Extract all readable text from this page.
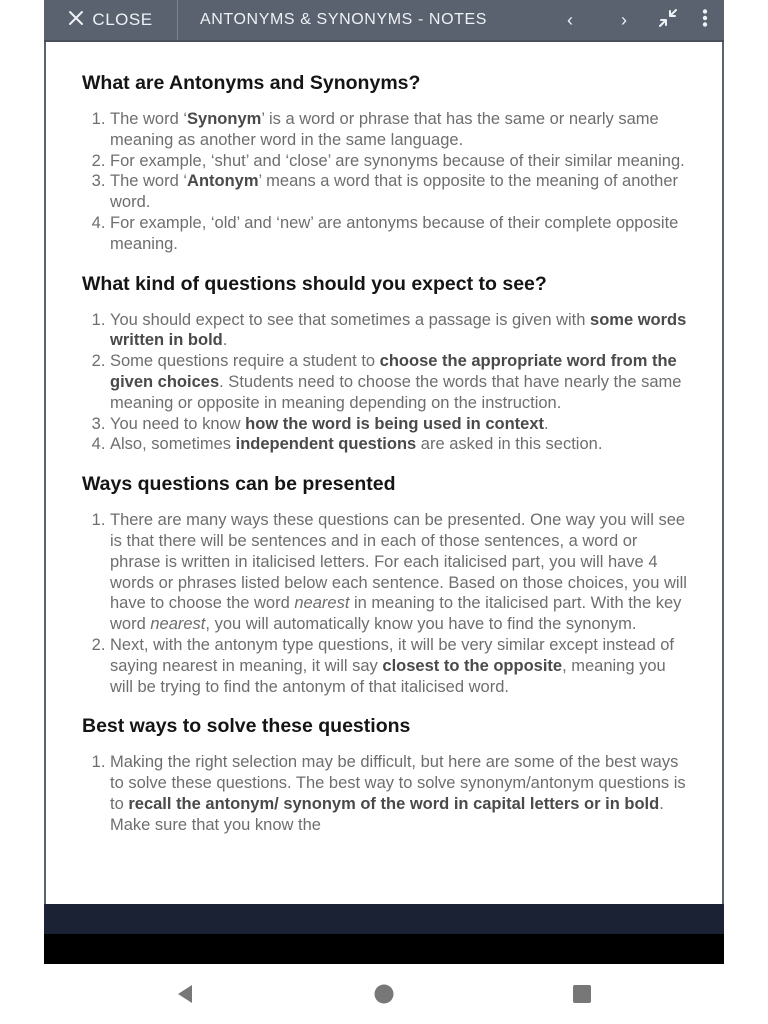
CLOSE	ANTONYMS & SYNONYMS - NOTES	‹	›
What are Antonyms and Synonyms?
1. The word ‘Synonym’ is a word or phrase that has the same or nearly same meaning as another word in the same language.
2. For example, ‘shut’ and ‘close’ are synonyms because of their similar meaning.
3. The word ‘Antonym’ means a word that is opposite to the meaning of another word.
4. For example, ‘old’ and ‘new’ are antonyms because of their complete opposite meaning.
What kind of questions should you expect to see?
1. You should expect to see that sometimes a passage is given with some words written in bold.
2. Some questions require a student to choose the appropriate word from the given choices. Students need to choose the words that have nearly the same meaning or opposite in meaning depending on the instruction.
3. You need to know how the word is being used in context.
4. Also, sometimes independent questions are asked in this section.
Ways questions can be presented
1. There are many ways these questions can be presented. One way you will see is that there will be sentences and in each of those sentences, a word or phrase is written in italicised letters. For each italicised part, you will have 4 words or phrases listed below each sentence. Based on those choices, you will have to choose the word nearest in meaning to the italicised part. With the key word nearest, you will automatically know you have to find the synonym.
2. Next, with the antonym type questions, it will be very similar except instead of saying nearest in meaning, it will say closest to the opposite, meaning you will be trying to find the antonym of that italicised word.
Best ways to solve these questions
1. Making the right selection may be difficult, but here are some of the best ways to solve these questions. The best way to solve synonym/antonym questions is to recall the antonym/ synonym of the word in capital letters or in bold. Make sure that you know the
